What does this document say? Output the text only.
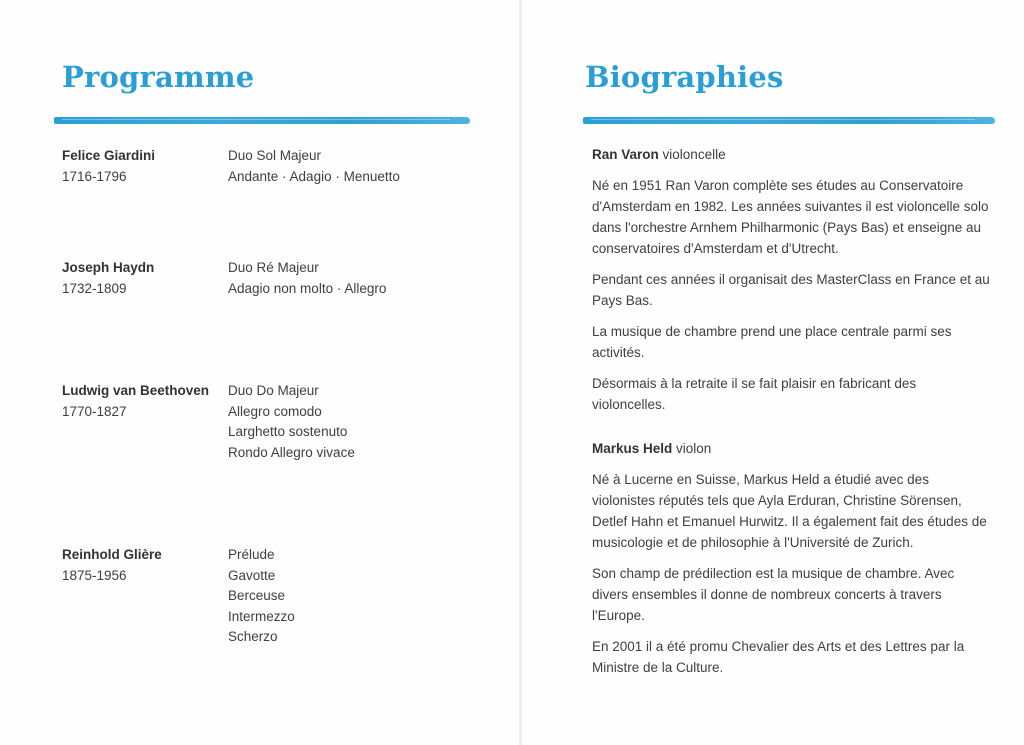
Programme
Felice Giardini
1716-1796
Duo Sol Majeur
Andante · Adagio · Menuetto
Joseph Haydn
1732-1809
Duo Ré Majeur
Adagio non molto · Allegro
Ludwig van Beethoven
1770-1827
Duo Do Majeur
Allegro comodo
Larghetto sostenuto
Rondo Allegro vivace
Reinhold Glière
1875-1956
Prélude
Gavotte
Berceuse
Intermezzo
Scherzo
Biographies

Ran Varon violoncelle

Né en 1951 Ran Varon complète ses études au Conservatoire d'Amsterdam en 1982. Les années suivantes il est violoncelle solo dans l'orchestre Arnhem Philharmonic (Pays Bas) et enseigne au conservatoires d'Amsterdam et d'Utrecht.

Pendant ces années il organisait des MasterClass en France et au Pays Bas.

La musique de chambre prend une place centrale parmi ses activités.

Désormais à la retraite il se fait plaisir en fabricant des violoncelles.

Markus Held violon

Né à Lucerne en Suisse, Markus Held a étudié avec des violonistes réputés tels que Ayla Erduran, Christine Sörensen, Detlef Hahn et Emanuel Hurwitz. Il a également fait des études de musicologie et de philosophie à l'Université de Zurich.

Son champ de prédilection est la musique de chambre. Avec divers ensembles il donne de nombreux concerts à travers l'Europe.

En 2001 il a été promu Chevalier des Arts et des Lettres par la Ministre de la Culture.
